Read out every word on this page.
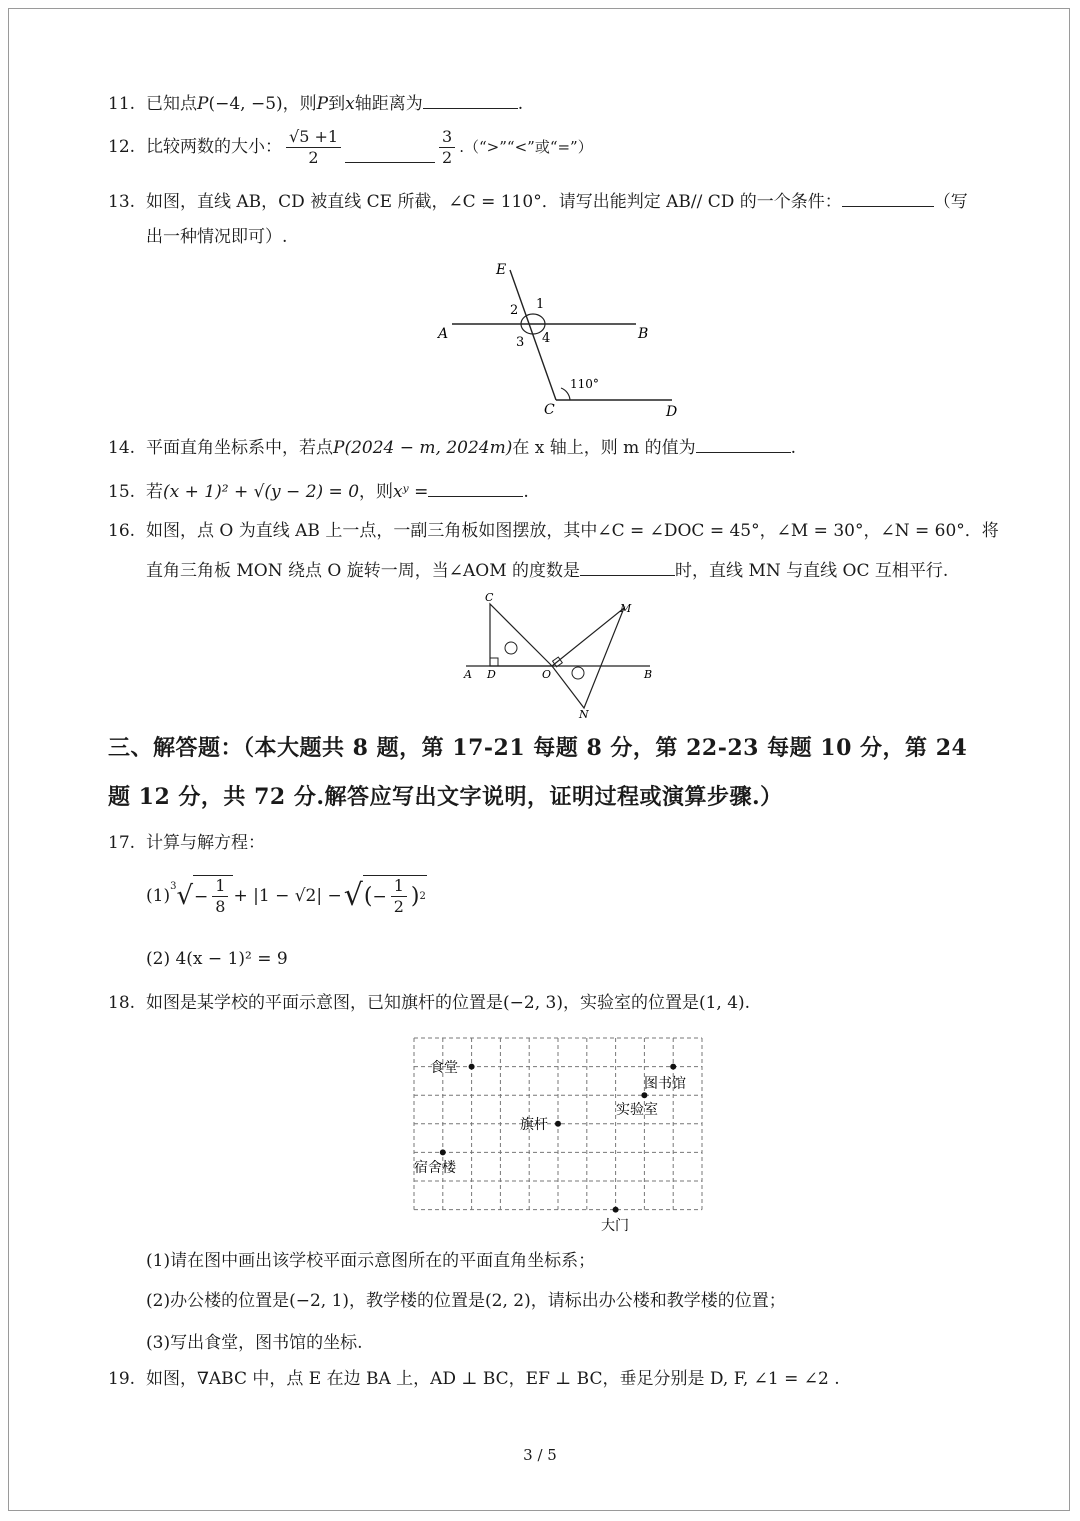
11. 已知点P(−4, −5)，则P到x轴距离为	.
12. 比较两数的大小： $\frac{√5 +1}{2}$	$\frac{3}{2}$ .（“>”“<”或“=”）
13. 如图，直线 AB，CD 被直线 CE 所截，∠C = 110°．请写出能判定 AB// CD 的一个条件：	（写
出一种情况即可）.
E
A	B
C	D
1
2
3 4
110°
14. 平面直角坐标系中，若点P(2024 − m, 2024m)在 x 轴上，则 m 的值为	.
15. 若(x + 1)² + √(y − 2) = 0，则xʸ =	.
16. 如图，点 O 为直线 AB 上一点，一副三角板如图摆放，其中∠C = ∠DOC = 45°，∠M = 30°，∠N = 60°．将
直角三角板 MON 绕点 O 旋转一周，当∠AOM 的度数是	时，直线 MN 与直线 OC 互相平行.
C
M
A D	O	B
N
三、解答题：（本大题共 8 题，第 17-21 每题 8 分，第 22-23 每题 10 分，第 24
题 12 分，共 72 分.解答应写出文字说明，证明过程或演算步骤.）
17. 计算与解方程：
(1) 3 √ − $\frac{1}{8} + |1 - √2|$ − √ ( − $\frac{1}{2}$ ) 2
(2) 4(x − 1)² = 9
18. 如图是某学校的平面示意图，已知旗杆的位置是(−2, 3)，实验室的位置是(1, 4).
食堂
图书馆
实验室
旗杆
宿舍楼
大门
(1)请在图中画出该学校平面示意图所在的平面直角坐标系；
(2)办公楼的位置是(−2, 1)，教学楼的位置是(2, 2)，请标出办公楼和教学楼的位置；
(3)写出食堂，图书馆的坐标.
19. 如图，∇ABC 中，点 E 在边 BA 上，AD ⊥ BC，EF ⊥ BC，垂足分别是 D, F, ∠1 = ∠2 .
3 / 5
